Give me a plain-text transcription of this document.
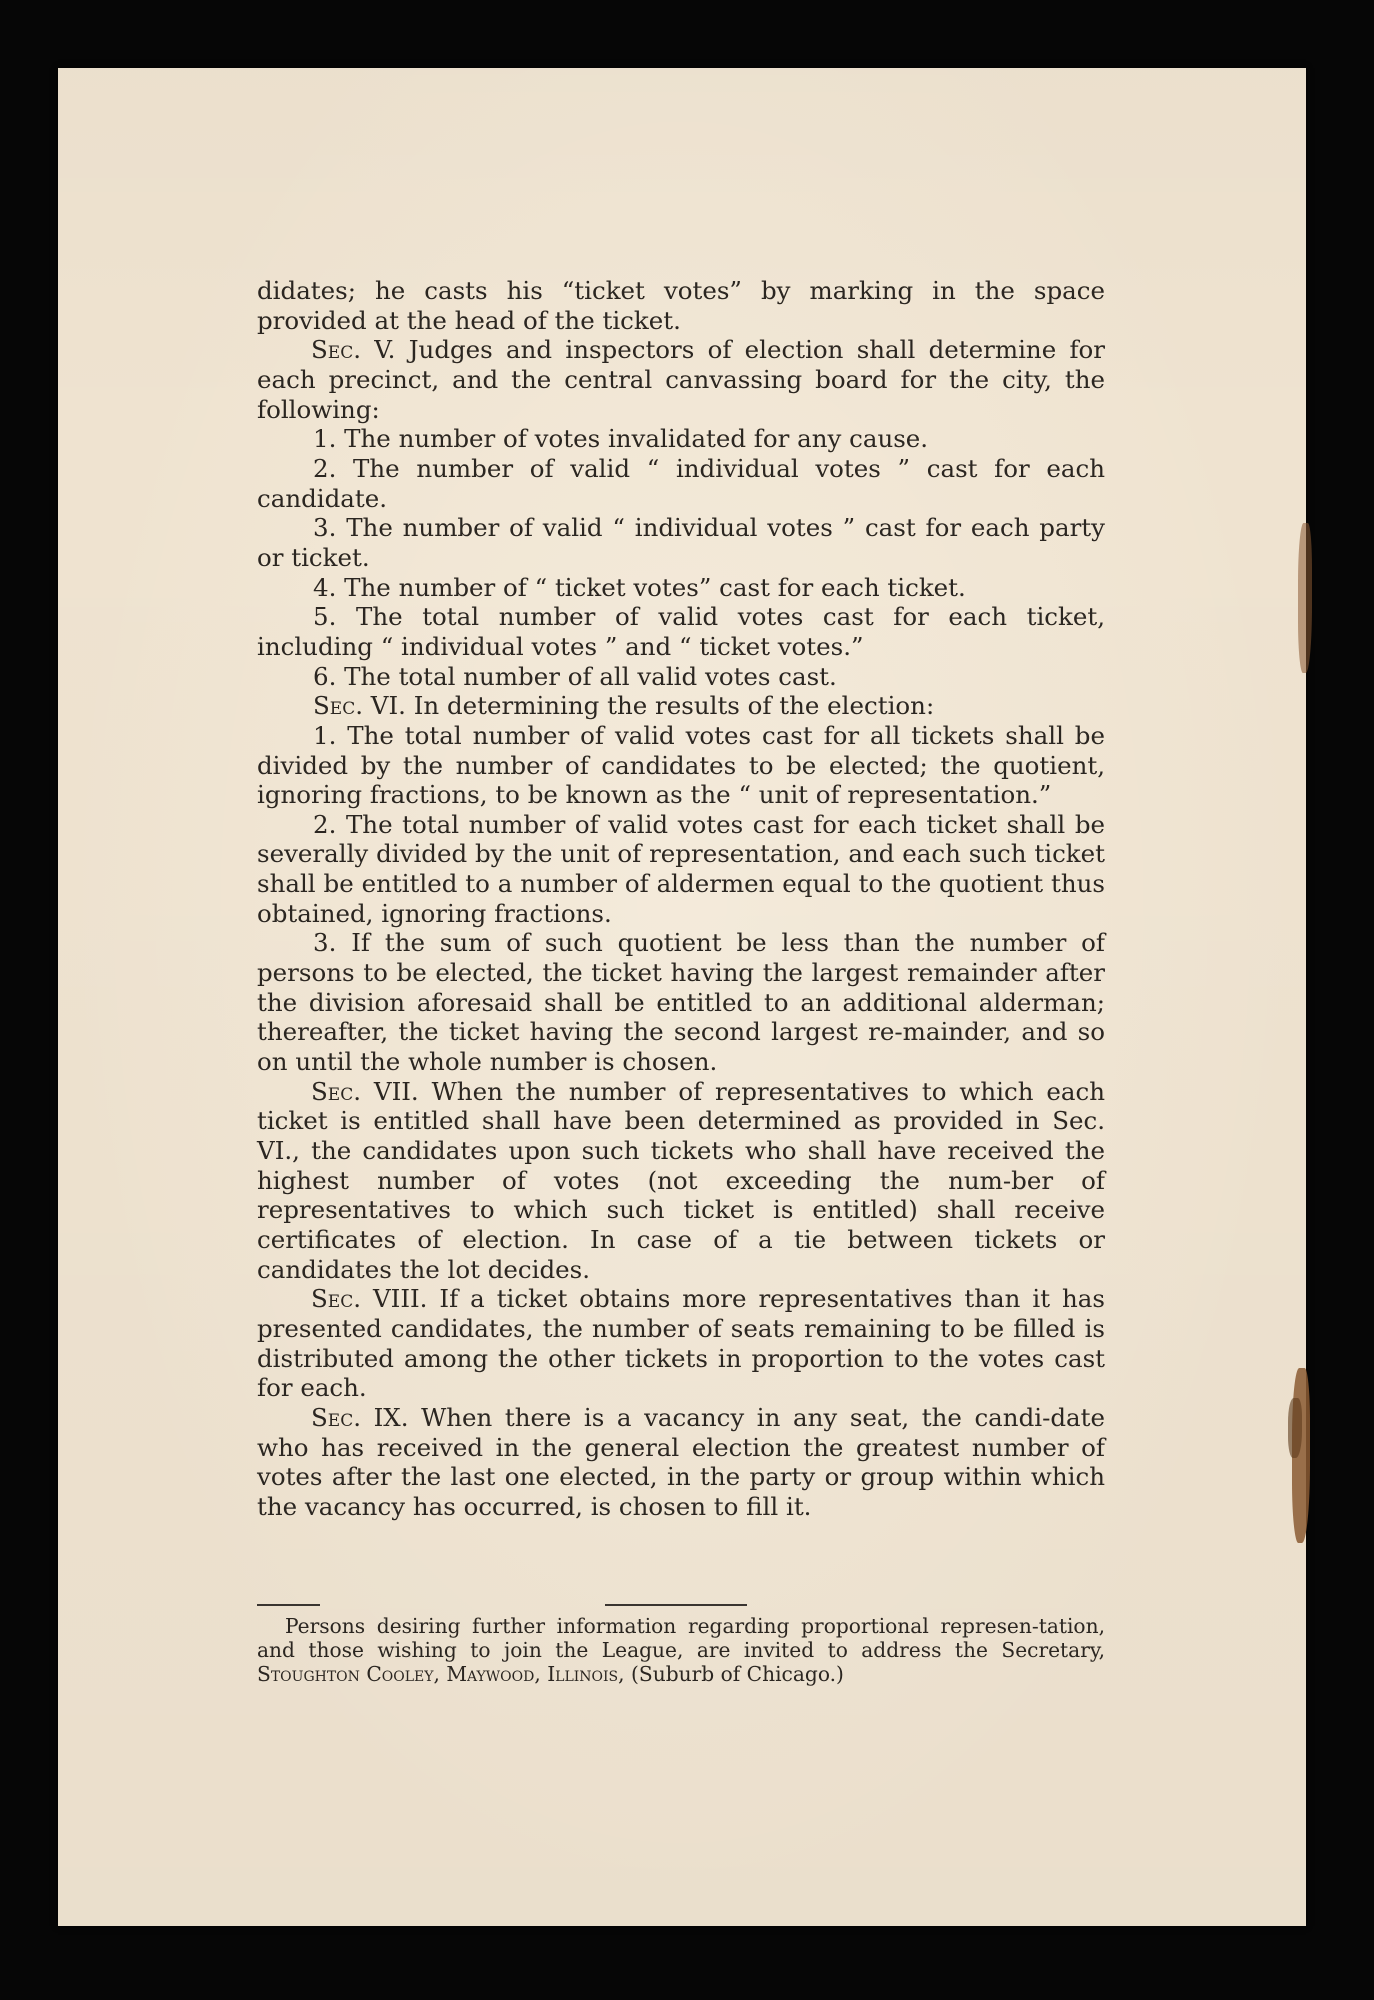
didates; he casts his “ticket votes” by marking in the space provided at the head of the ticket.

Sec. V. Judges and inspectors of election shall determine for each precinct, and the central canvassing board for the city, the following:

1. The number of votes invalidated for any cause.

2. The number of valid “ individual votes ” cast for each candidate.

3. The number of valid “ individual votes ” cast for each party or ticket.

4. The number of “ ticket votes” cast for each ticket.

5. The total number of valid votes cast for each ticket, including “ individual votes ” and “ ticket votes.”

6. The total number of all valid votes cast.

Sec. VI. In determining the results of the election:

1. The total number of valid votes cast for all tickets shall be divided by the number of candidates to be elected; the quotient, ignoring fractions, to be known as the “ unit of representation.”

2. The total number of valid votes cast for each ticket shall be severally divided by the unit of representation, and each such ticket shall be entitled to a number of aldermen equal to the quotient thus obtained, ignoring fractions.

3. If the sum of such quotient be less than the number of persons to be elected, the ticket having the largest remainder after the division aforesaid shall be entitled to an additional alderman; thereafter, the ticket having the second largest re-mainder, and so on until the whole number is chosen.

Sec. VII. When the number of representatives to which each ticket is entitled shall have been determined as provided in Sec. VI., the candidates upon such tickets who shall have received the highest number of votes (not exceeding the num-ber of representatives to which such ticket is entitled) shall receive certificates of election. In case of a tie between tickets or candidates the lot decides.

Sec. VIII. If a ticket obtains more representatives than it has presented candidates, the number of seats remaining to be filled is distributed among the other tickets in proportion to the votes cast for each.

Sec. IX. When there is a vacancy in any seat, the candi-date who has received in the general election the greatest number of votes after the last one elected, in the party or group within which the vacancy has occurred, is chosen to fill it.

Persons desiring further information regarding proportional represen-tation, and those wishing to join the League, are invited to address the Secretary, Stoughton Cooley, Maywood, Illinois, (Suburb of Chicago.)
